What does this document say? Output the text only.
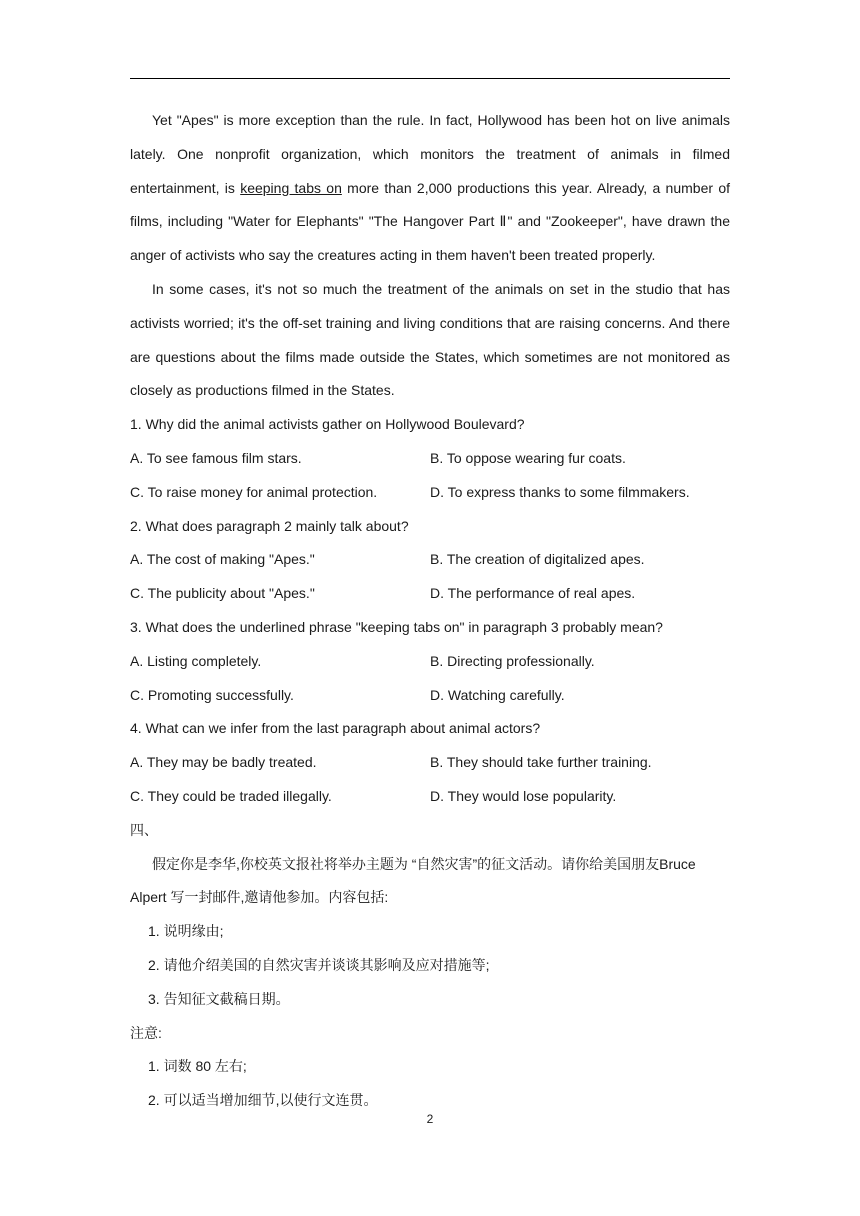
Yet "Apes" is more exception than the rule. In fact, Hollywood has been hot on live animals lately. One nonprofit organization, which monitors the treatment of animals in filmed entertainment, is keeping tabs on more than 2,000 productions this year. Already, a number of films, including "Water for Elephants" "The Hangover Part Ⅱ" and "Zookeeper", have drawn the anger of activists who say the creatures acting in them haven't been treated properly.

In some cases, it's not so much the treatment of the animals on set in the studio that has activists worried; it's the off-set training and living conditions that are raising concerns. And there are questions about the films made outside the States, which sometimes are not monitored as closely as productions filmed in the States.

1. Why did the animal activists gather on Hollywood Boulevard?
A. To see famous film stars.	B. To oppose wearing fur coats.
C. To raise money for animal protection.	D. To express thanks to some filmmakers.
2. What does paragraph 2 mainly talk about?
A. The cost of making "Apes."	B. The creation of digitalized apes.
C. The publicity about "Apes."	D. The performance of real apes.
3. What does the underlined phrase "keeping tabs on" in paragraph 3 probably mean?
A. Listing completely.	B. Directing professionally.
C. Promoting successfully.	D. Watching carefully.
4. What can we infer from the last paragraph about animal actors?
A. They may be badly treated.	B. They should take further training.
C. They could be traded illegally.	D. They would lose popularity.
四、

假定你是李华,你校英文报社将举办主题为 “自然灾害”的征文活动。请你给美国朋友Bruce Alpert 写一封邮件,邀请他参加。内容包括:

1. 说明缘由;
2. 请他介绍美国的自然灾害并谈谈其影响及应对措施等;
3. 告知征文截稿日期。
注意:
1. 词数 80 左右;
2. 可以适当增加细节,以使行文连贯。
2
